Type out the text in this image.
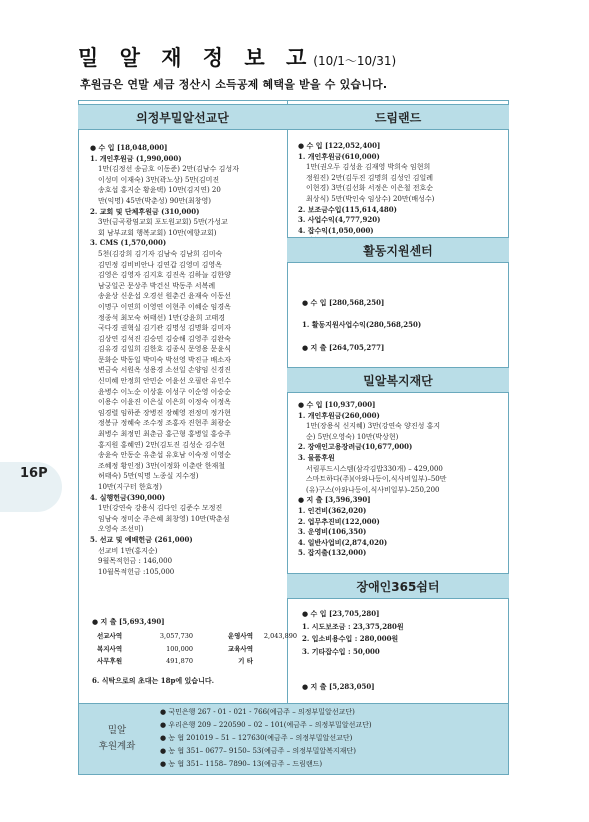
16P
밀 알 재 정 보 고(10/1～10/31)
후원금은 연말 세금 정산시 소득공제 혜택을 받을 수 있습니다.
의정부밀알선교단
● 수 입 [18,048,000]
1. 개인후원금 (1,990,000)
1만(김정선 송금호 이동준) 2만(김남수 김성자
이성미 이재숙) 3만(곽노상) 5만(김미진
송호섭 홍지순 황윤택) 10만(김지연) 20
만(익명) 45만(박춘성) 90만(최창영)
2. 교회 및 단체후원금 (310,000)
3만(금곡광염교회 포도원교회) 5만(가성교
회 남부교회 행복교회) 10만(예향교회)
3. CMS (1,570,000)
5천(김강희 김기자 김남숙 김남희 김미숙
김민정 김비비안나 김연갑 김영미 김영옥
김영은 김영자 김지호 김진옥 김하늘 김한양
남궁일곤 문상주 박건신 박동주 서복례
송윤상 신운섭 오경선 원춘건 윤재숙 이동선
이명구 이연희 이영연 이현주 이혜순 임경옥
정종석 최모숙 허태선) 1만(강윤희 고태경
국다경 권혁실 김기관 김명성 김명화 김미자
김상연 김석진 김승민 김승해 김영주 김완숙
김유경 김일희 김한호 김종식 문영용 문윤식
문화순 박동일 박미숙 박선영 박진규 배소자
변금숙 서원옥 성용경 소선일 손양임 신경진
신미혜 안정희 안민순 어윤선 오필란 유인수
윤병수 이노순 이상훈 이성구 이순영 이승순
이용수 이윤진 이은실 이은희 이정숙 이정옥
임경렬 임하준 장병진 장혜영 전정미 정가현
정봉규 정혜숙 조수정 조홍자 진현주 최광순
최병수 최정민 최춘금 홍근형 홍병일 홍승주
홍지원 홍혜연) 2만(김도진 김성순 김수현
송윤숙 안동순 유춘섭 유호남 이숙정 이영순
조혜정 황인정) 3만(이정화 이춘란 한재철
허태숙) 5만(익명 노종실 지수정)
10만(지구터 한효정)
4. 실행헌금(390,000)
1만(강연숙 강용식 김다인 김준수 모정진
임남숙 정미순 주은혜 최창영) 10만(박춘섬
오영숙 조선미)
5. 선교 및 예배헌금 (261,000)
선교비 1만(홍지순)
9월목적헌금 : 146,000
10월목적헌금 :105,000
● 지 출 [5,693,490]
선교사역	3,057,730	운영사역	2,043,890
복지사역	100,000	교육사역
사무후원	491,870	기 타
6. 식탁으로의 초대는 18p에 있습니다.
드림랜드
● 수 입 [122,052,400]
1. 개인후원금(610,000)
1만(권오두 김성윤 김재영 박희숙 임현희
정원진) 2만(김두진 김명희 김성인 김일례
이현경) 3만(김선화 서정은 이은철 전호순
최상식) 5만(박인숙 임상수) 20만(배성수)
2. 보조금수입(115,614,480)
3. 사업수익(4,777,920)
4. 잡수익(1,050,000)
활동지원센터
● 수 입 [280,568,250]
1. 활동지원사업수익(280,568,250)
● 지 출 [264,705,277]
밀알복지재단
● 수 입 [10,937,000]
1. 개인후원금(260,000)
1만(장용식 신지혜) 3만(강연숙 양진성 홍지
순) 5만(오영숙) 10만(박상현)
2. 장애인고용장려금(10,677,000)
3. 물품후원
서림푸드시스템(삼각김밥330개) – 429,000
스마트하다(주)(아와나등이,식사비일부)–50만
(유)구스(아와나등이,식사비일부)–250,200
● 지 출 [3,596,390]
1. 인건비(362,020)
2. 업무추진비(122,000)
3. 운영비(106,350)
4. 일반사업비(2,874,020)
5. 잡지출(132,000)
장애인365쉼터
● 수 입 [23,705,280]
1. 시도보조금 : 23,375,280원
2. 입소비용수입 : 280,000원
3. 기타잡수입 : 50,000
● 지 출 [5,283,050]
밀알
후원계좌
● 국민은행 267 - 01 - 021 - 766(예금주 – 의정부밀알선교단)
● 우리은행 209 – 220590 – 02 – 101(예금주 – 의정부밀알선교단)
● 농 협 201019 – 51 – 127630(예금주 – 의정부밀알선교단)
● 농 협 351– 0677– 9150– 53(예금주 – 의정부밀알복지재단)
● 농 협 351– 1158– 7890– 13(예금주 – 드림랜드)
